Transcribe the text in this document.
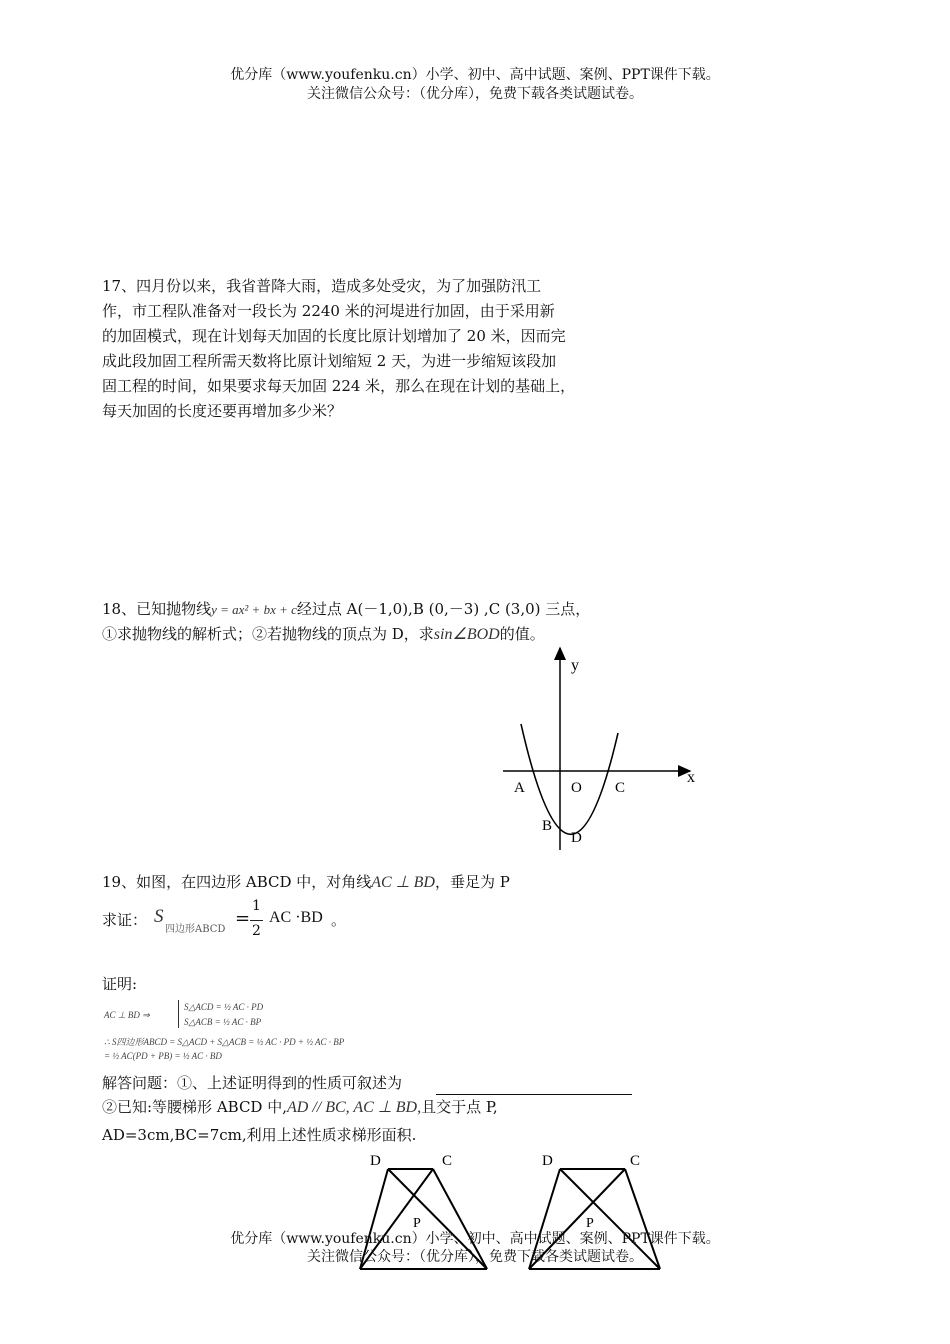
优分库（www.youfenku.cn）小学、初中、高中试题、案例、PPT课件下载。
关注微信公众号：（优分库），免费下载各类试题试卷。
17、四月份以来，我省普降大雨，造成多处受灾，为了加强防汛工
作，市工程队准备对一段长为 2240 米的河堤进行加固，由于采用新
的加固模式，现在计划每天加固的长度比原计划增加了 20 米，因而完
成此段加固工程所需天数将比原计划缩短 2 天，为进一步缩短该段加
固工程的时间，如果要求每天加固 224 米，那么在现在计划的基础上，
每天加固的长度还要再增加多少米？
18、已知抛物线y = ax² + bx + c经过点 A(－1,0),B (0,－3) ,C (3,0) 三点，
①求抛物线的解析式；②若抛物线的顶点为 D，求sin∠BOD的值。
y
x
A	O C
B
D
19、如图，在四边形 ABCD 中，对角线AC ⊥ BD，垂足为 P
求证： S
四边形ABCD
=
1
2
AC ·BD 。
证明:
AC ⊥ BD ⇒
S△ACD = ½ AC · PD
S△ACB = ½ AC · BP
∴ S四边形ABCD = S△ACD + S△ACB = ½ AC · PD + ½ AC · BP
= ½ AC(PD + PB) = ½ AC · BD
解答问题：①、上述证明得到的性质可叙述为
②已知:等腰梯形 ABCD 中,AD // BC, AC ⊥ BD,且交于点 P,
AD=3cm,BC=7cm,利用上述性质求梯形面积.
D	C
P
D	C
P
优分库（www.youfenku.cn）小学、初中、高中试题、案例、PPT课件下载。
关注微信公众号：（优分库），免费下载各类试题试卷。
